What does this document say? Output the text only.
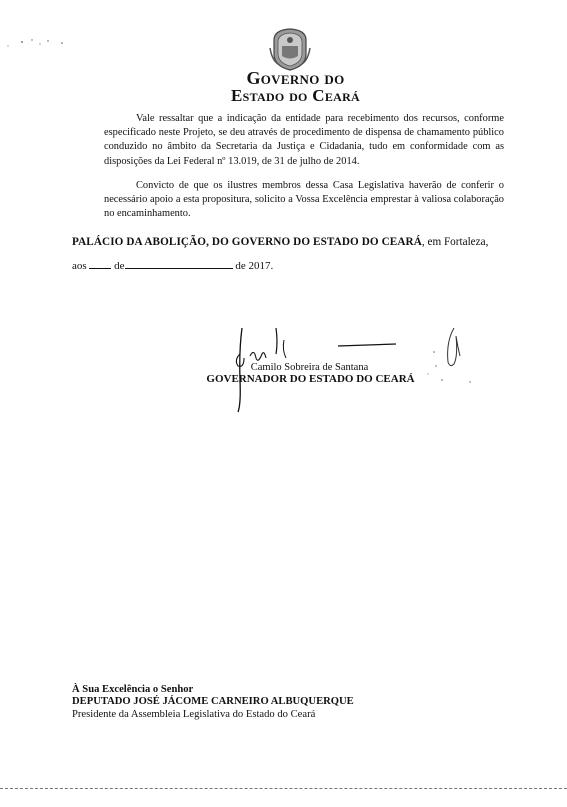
Governo do
Estado do Ceará

Vale ressaltar que a indicação da entidade para recebimento dos recursos, conforme especificado neste Projeto, se deu através de procedimento de dispensa de chamamento público conduzido no âmbito da Secretaria da Justiça e Cidadania, tudo em conformidade com as disposições da Lei Federal nº 13.019, de 31 de julho de 2014.

Convicto de que os ilustres membros dessa Casa Legislativa haverão de conferir o necessário apoio a esta propositura, solicito a Vossa Excelência emprestar à valiosa colaboração no encaminhamento.

PALÁCIO DA ABOLIÇÃO, DO GOVERNO DO ESTADO DO CEARÁ, em Fortaleza,
aos	de	de 2017.
Camilo Sobreira de Santana
GOVERNADOR DO ESTADO DO CEARÁ
À Sua Excelência o Senhor
DEPUTADO JOSÉ JÁCOME CARNEIRO ALBUQUERQUE
Presidente da Assembleia Legislativa do Estado do Ceará
